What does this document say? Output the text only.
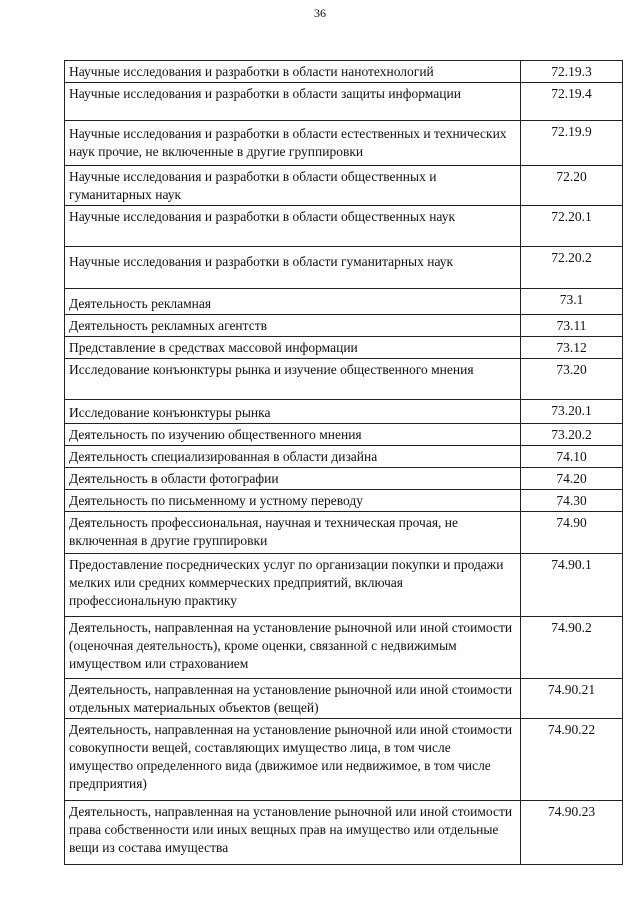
36
Научные исследования и разработки в области нанотехнологий	72.19.3
Научные исследования и разработки в области защиты информации	72.19.4
Научные исследования и разработки в области естественных и технических наук прочие, не включенные в другие группировки	72.19.9
Научные исследования и разработки в области общественных и гуманитарных наук	72.20
Научные исследования и разработки в области общественных наук	72.20.1
Научные исследования и разработки в области гуманитарных наук	72.20.2
Деятельность рекламная	73.1
Деятельность рекламных агентств	73.11
Представление в средствах массовой информации	73.12
Исследование конъюнктуры рынка и изучение общественного мнения	73.20
Исследование конъюнктуры рынка	73.20.1
Деятельность по изучению общественного мнения	73.20.2
Деятельность специализированная в области дизайна	74.10
Деятельность в области фотографии	74.20
Деятельность по письменному и устному переводу	74.30
Деятельность профессиональная, научная и техническая прочая, не включенная в другие группировки	74.90
Предоставление посреднических услуг по организации покупки и продажи мелких или средних коммерческих предприятий, включая профессиональную практику	74.90.1
Деятельность, направленная на установление рыночной или иной стоимости (оценочная деятельность), кроме оценки, связанной с недвижимым имуществом или страхованием	74.90.2
Деятельность, направленная на установление рыночной или иной стоимости отдельных материальных объектов (вещей)	74.90.21
Деятельность, направленная на установление рыночной или иной стоимости совокупности вещей, составляющих имущество лица, в том числе имущество определенного вида (движимое или недвижимое, в том числе предприятия)	74.90.22
Деятельность, направленная на установление рыночной или иной стоимости права собственности или иных вещных прав на имущество или отдельные вещи из состава имущества	74.90.23
